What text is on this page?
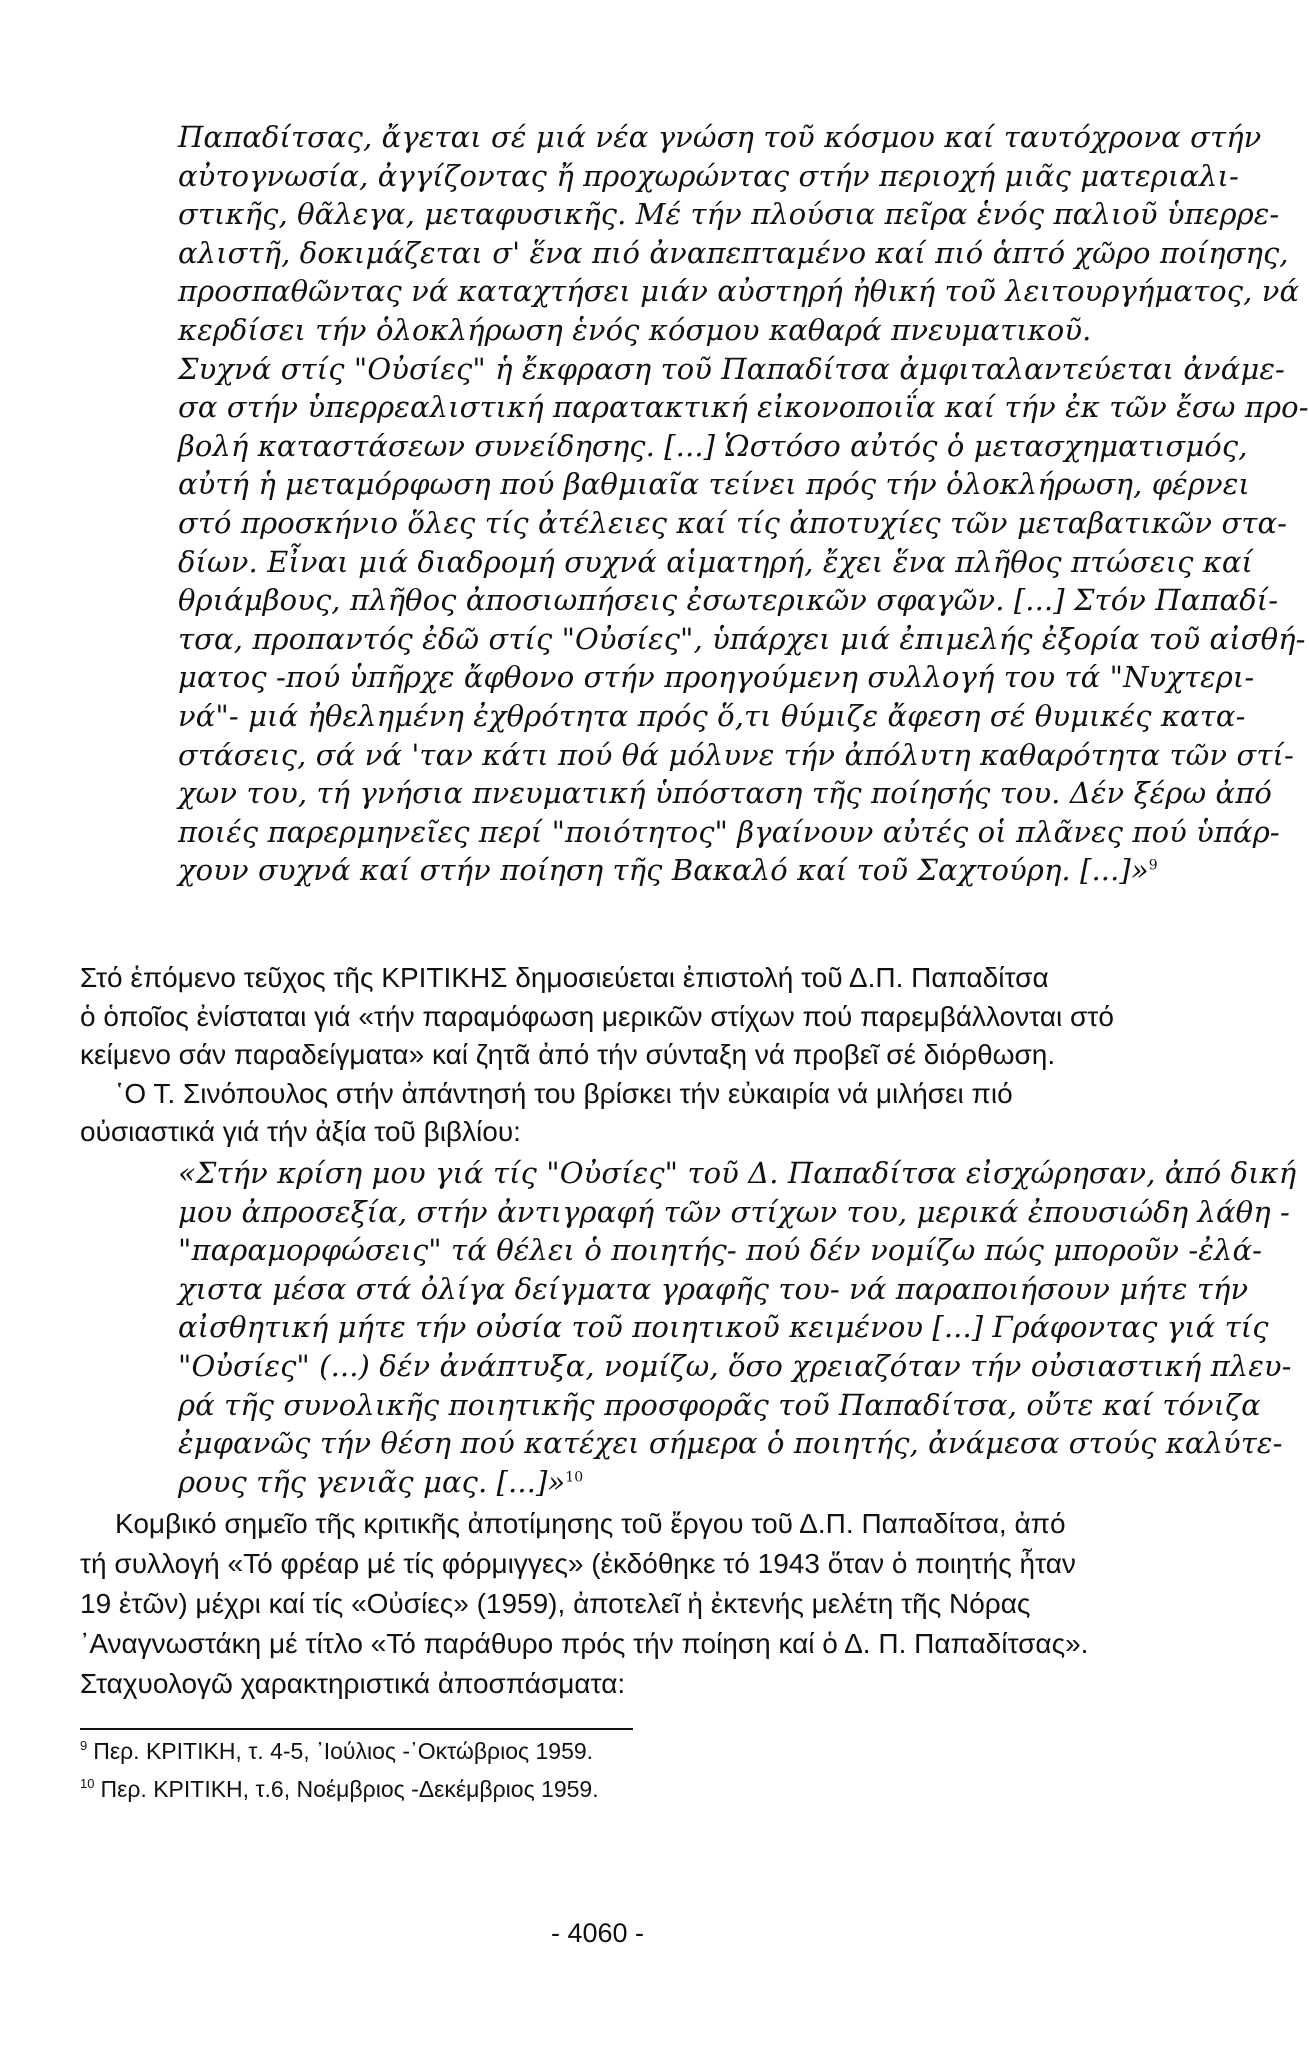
Παπαδίτσας, ἄγεται σέ μιά νέα γνώση τοῦ κόσμου καί ταυτόχρονα στήν
αὐτογνωσία, ἀγγίζοντας ἤ προχωρώντας στήν περιοχή μιᾶς ματεριαλι-
στικῆς, θᾶλεγα, μεταφυσικῆς. Μέ τήν πλούσια πεῖρα ἑνός παλιοῦ ὑπερρε-
αλιστῆ, δοκιμάζεται σ' ἕνα πιό ἀναπεπταμένο καί πιό ἁπτό χῶρο ποίησης,
προσπαθῶντας νά καταχτήσει μιάν αὐστηρή ἠθική τοῦ λειτουργήματος, νά
κερδίσει τήν ὁλοκλήρωση ἑνός κόσμου καθαρά πνευματικοῦ.
Συχνά στίς "Οὐσίες" ἡ ἔκφραση τοῦ Παπαδίτσα ἀμφιταλαντεύεται ἀνάμε-
σα στήν ὑπερρεαλιστική παρατακτική εἰκονοποιΐα καί τήν ἐκ τῶν ἔσω προ-
βολή καταστάσεων συνείδησης. [...] Ὡστόσο αὐτός ὁ μετασχηματισμός,
αὐτή ἡ μεταμόρφωση πού βαθμιαῖα τείνει πρός τήν ὁλοκλήρωση, φέρνει
στό προσκήνιο ὅλες τίς ἀτέλειες καί τίς ἀποτυχίες τῶν μεταβατικῶν στα-
δίων. Εἶναι μιά διαδρομή συχνά αἱματηρή, ἔχει ἕνα πλῆθος πτώσεις καί
θριάμβους, πλῆθος ἀποσιωπήσεις ἐσωτερικῶν σφαγῶν. [...] Στόν Παπαδί-
τσα, προπαντός ἐδῶ στίς "Οὐσίες", ὑπάρχει μιά ἐπιμελής ἐξορία τοῦ αἰσθή-
ματος -πού ὑπῆρχε ἄφθονο στήν προηγούμενη συλλογή του τά "Νυχτερι-
νά"- μιά ἠθελημένη ἐχθρότητα πρός ὅ,τι θύμιζε ἄφεση σέ θυμικές κατα-
στάσεις, σά νά 'ταν κάτι πού θά μόλυνε τήν ἀπόλυτη καθαρότητα τῶν στί-
χων του, τή γνήσια πνευματική ὑπόσταση τῆς ποίησής του. Δέν ξέρω ἀπό
ποιές παρερμηνεῖες περί "ποιότητος" βγαίνουν αὐτές οἱ πλᾶνες πού ὑπάρ-
χουν συχνά καί στήν ποίηση τῆς Βακαλό καί τοῦ Σαχτούρη. [...]»$^9$
Στό ἑπόμενο τεῦχος τῆς ΚΡΙΤΙΚΗΣ δημοσιεύεται ἐπιστολή τοῦ Δ.Π. Παπαδίτσα
ὁ ὁποῖος ἐνίσταται γιά «τήν παραμόφωση μερικῶν στίχων πού παρεμβάλλονται στό
κείμενο σάν παραδείγματα» καί ζητᾶ ἀπό τήν σύνταξη νά προβεῖ σέ διόρθωση.
῾Ο Τ. Σινόπουλος στήν ἀπάντησή του βρίσκει τήν εὐκαιρία νά μιλήσει πιό
οὐσιαστικά γιά τήν ἀξία τοῦ βιβλίου:
«Στήν κρίση μου γιά τίς "Οὐσίες" τοῦ Δ. Παπαδίτσα εἰσχώρησαν, ἀπό δική
μου ἀπροσεξία, στήν ἀντιγραφή τῶν στίχων του, μερικά ἐπουσιώδη λάθη -
"παραμορφώσεις" τά θέλει ὁ ποιητής- πού δέν νομίζω πώς μποροῦν -ἐλά-
χιστα μέσα στά ὀλίγα δείγματα γραφῆς του- νά παραποιήσουν μήτε τήν
αἰσθητική μήτε τήν οὐσία τοῦ ποιητικοῦ κειμένου [...] Γράφοντας γιά τίς
"Οὐσίες" (...) δέν ἀνάπτυξα, νομίζω, ὅσο χρειαζόταν τήν οὐσιαστική πλευ-
ρά τῆς συνολικῆς ποιητικῆς προσφορᾶς τοῦ Παπαδίτσα, οὔτε καί τόνιζα
ἐμφανῶς τήν θέση πού κατέχει σήμερα ὁ ποιητής, ἀνάμεσα στούς καλύτε-
ρους τῆς γενιᾶς μας. [...]»$^{10}$
Κομβικό σημεῖο τῆς κριτικῆς ἀποτίμησης τοῦ ἔργου τοῦ Δ.Π. Παπαδίτσα, ἀπό
τή συλλογή «Τό φρέαρ μέ τίς φόρμιγγες» (ἐκδόθηκε τό 1943 ὅταν ὁ ποιητής ἦταν
19 ἐτῶν) μέχρι καί τίς «Οὐσίες» (1959), ἀποτελεῖ ἡ ἐκτενής μελέτη τῆς Νόρας
᾿Αναγνωστάκη μέ τίτλο «Τό παράθυρο πρός τήν ποίηση καί ὁ Δ. Π. Παπαδίτσας».
Σταχυολογῶ χαρακτηριστικά ἀποσπάσματα:
$^9$ Περ. ΚΡΙΤΙΚΗ, τ. 4-5, ᾿Ιούλιος -᾿Οκτώβριος 1959.
$^{10}$ Περ. ΚΡΙΤΙΚΗ, τ.6, Νοέμβριος -Δεκέμβριος 1959.
- 4060 -
